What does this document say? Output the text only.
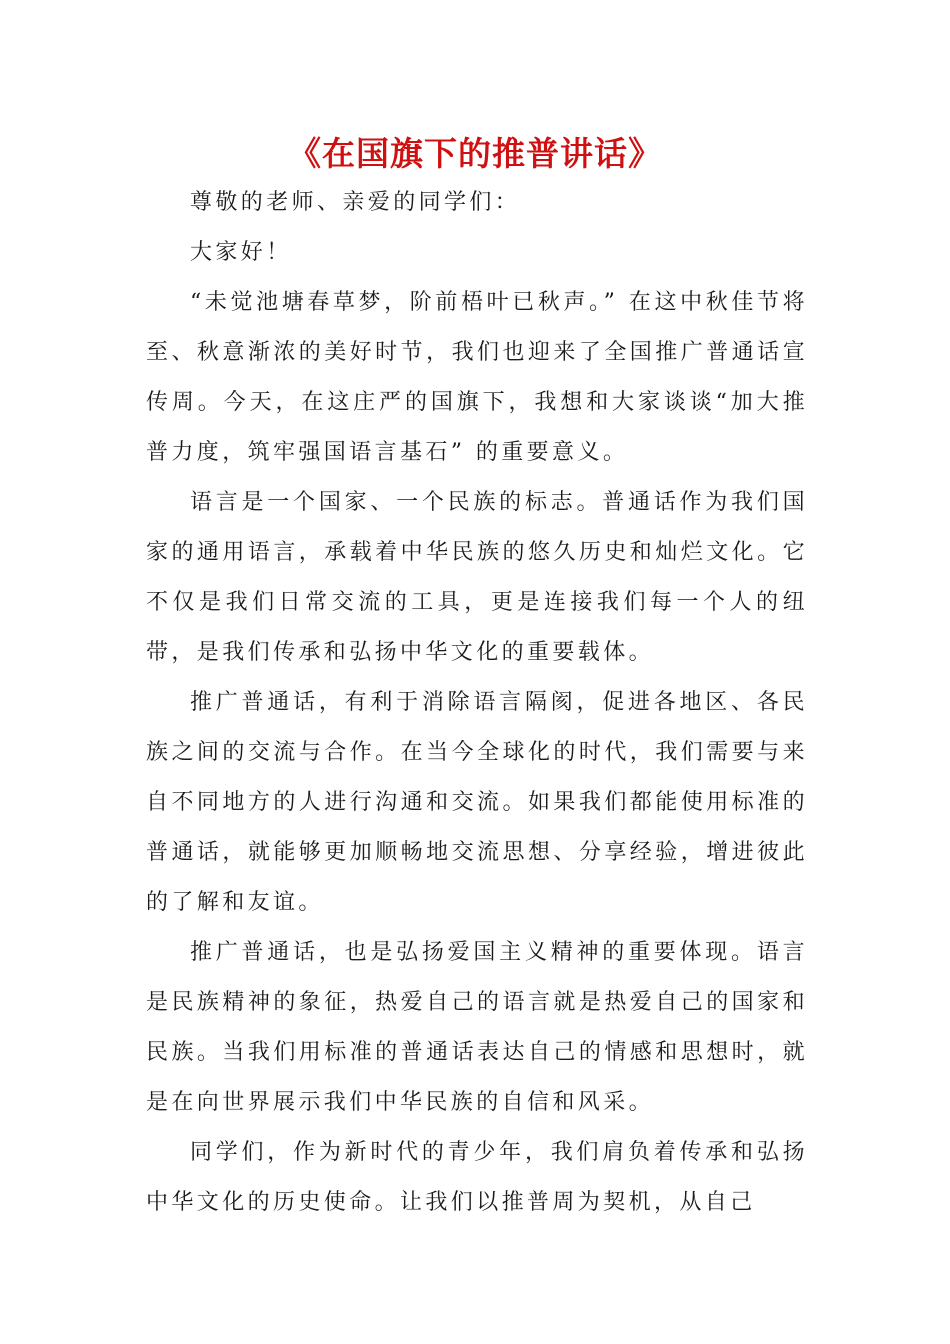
《在国旗下的推普讲话》

尊敬的老师、亲爱的同学们：

大家好！

“未觉池塘春草梦，阶前梧叶已秋声。” 在这中秋佳节将至、秋意渐浓的美好时节，我们也迎来了全国推广普通话宣传周。今天，在这庄严的国旗下，我想和大家谈谈“加大推普力度，筑牢强国语言基石” 的重要意义。

语言是一个国家、一个民族的标志。普通话作为我们国家的通用语言，承载着中华民族的悠久历史和灿烂文化。它不仅是我们日常交流的工具，更是连接我们每一个人的纽带，是我们传承和弘扬中华文化的重要载体。

推广普通话，有利于消除语言隔阂，促进各地区、各民族之间的交流与合作。在当今全球化的时代，我们需要与来自不同地方的人进行沟通和交流。如果我们都能使用标准的普通话，就能够更加顺畅地交流思想、分享经验，增进彼此的了解和友谊。

推广普通话，也是弘扬爱国主义精神的重要体现。语言是民族精神的象征，热爱自己的语言就是热爱自己的国家和民族。当我们用标准的普通话表达自己的情感和思想时，就是在向世界展示我们中华民族的自信和风采。

同学们，作为新时代的青少年，我们肩负着传承和弘扬中华文化的历史使命。让我们以推普周为契机，从自己
